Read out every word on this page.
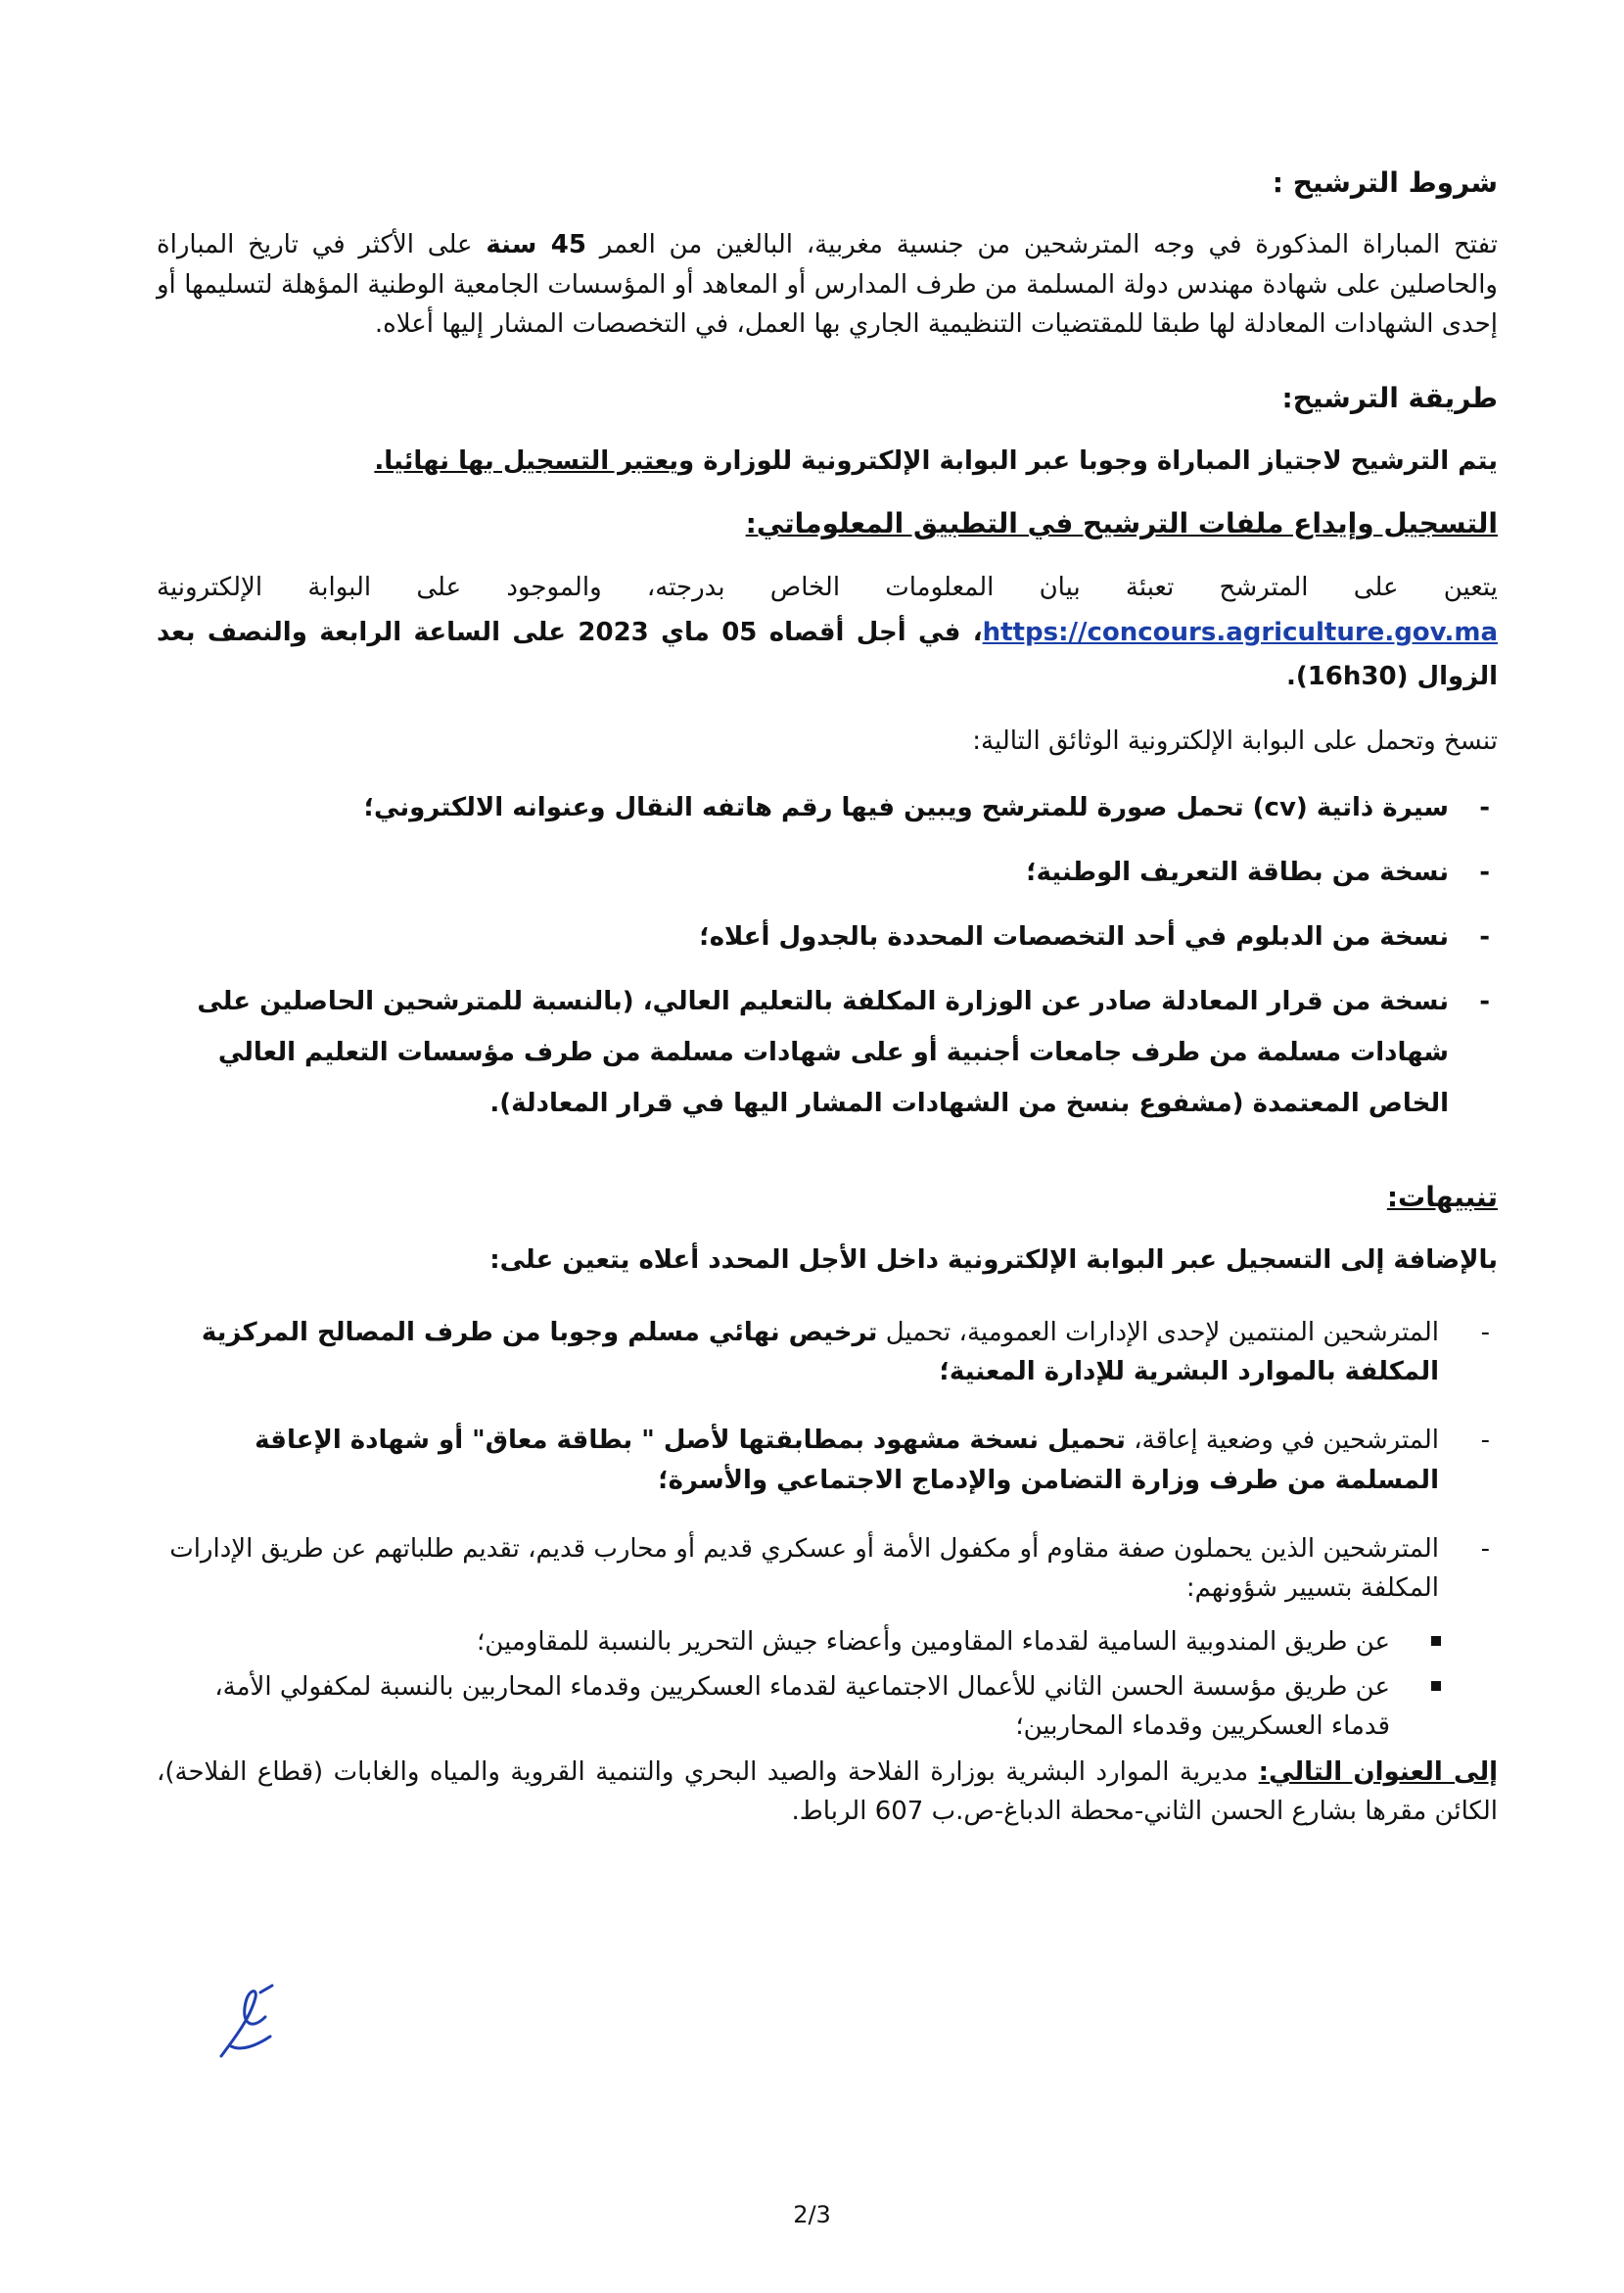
شروط الترشيح :

تفتح المباراة المذكورة في وجه المترشحين من جنسية مغربية، البالغين من العمر 45 سنة على الأكثر في تاريخ المباراة والحاصلين على شهادة مهندس دولة المسلمة من طرف المدارس أو المعاهد أو المؤسسات الجامعية الوطنية المؤهلة لتسليمها أو إحدى الشهادات المعادلة لها طبقا للمقتضيات التنظيمية الجاري بها العمل، في التخصصات المشار إليها أعلاه.

طريقة الترشيح:

يتم الترشيح لاجتياز المباراة وجوبا عبر البوابة الإلكترونية للوزارة ويعتبر التسجيل بها نهائيا.

التسجيل وإيداع ملفات الترشيح في التطبيق المعلوماتي:

يتعين على المترشح تعبئة بيان المعلومات الخاص بدرجته، والموجود على البوابة الإلكترونية https://concours.agriculture.gov.ma، في أجل أقصاه 05 ماي 2023 على الساعة الرابعة والنصف بعد الزوال (16h30).

تنسخ وتحمل على البوابة الإلكترونية الوثائق التالية:

-
سيرة ذاتية (cv) تحمل صورة للمترشح ويبين فيها رقم هاتفه النقال وعنوانه الالكتروني؛
-
نسخة من بطاقة التعريف الوطنية؛
-
نسخة من الدبلوم في أحد التخصصات المحددة بالجدول أعلاه؛
-
نسخة من قرار المعادلة صادر عن الوزارة المكلفة بالتعليم العالي، (بالنسبة للمترشحين الحاصلين على شهادات مسلمة من طرف جامعات أجنبية أو على شهادات مسلمة من طرف مؤسسات التعليم العالي الخاص المعتمدة (مشفوع بنسخ من الشهادات المشار اليها في قرار المعادلة).

تنبيهات:

بالإضافة إلى التسجيل عبر البوابة الإلكترونية داخل الأجل المحدد أعلاه يتعين على:

-
المترشحين المنتمين لإحدى الإدارات العمومية، تحميل ترخيص نهائي مسلم وجوبا من طرف المصالح المركزية المكلفة بالموارد البشرية للإدارة المعنية؛
-
المترشحين في وضعية إعاقة، تحميل نسخة مشهود بمطابقتها لأصل " بطاقة معاق" أو شهادة الإعاقة المسلمة من طرف وزارة التضامن والإدماج الاجتماعي والأسرة؛
-
المترشحين الذين يحملون صفة مقاوم أو مكفول الأمة أو عسكري قديم أو محارب قديم، تقديم طلباتهم عن طريق الإدارات المكلفة بتسيير شؤونهم:
عن طريق المندوبية السامية لقدماء المقاومين وأعضاء جيش التحرير بالنسبة للمقاومين؛
عن طريق مؤسسة الحسن الثاني للأعمال الاجتماعية لقدماء العسكريين وقدماء المحاربين بالنسبة لمكفولي الأمة، قدماء العسكريين وقدماء المحاربين؛

إلى العنوان التالي: مديرية الموارد البشرية بوزارة الفلاحة والصيد البحري والتنمية القروية والمياه والغابات (قطاع الفلاحة)، الكائن مقرها بشارع الحسن الثاني-محطة الدباغ-ص.ب 607 الرباط.

2/3
